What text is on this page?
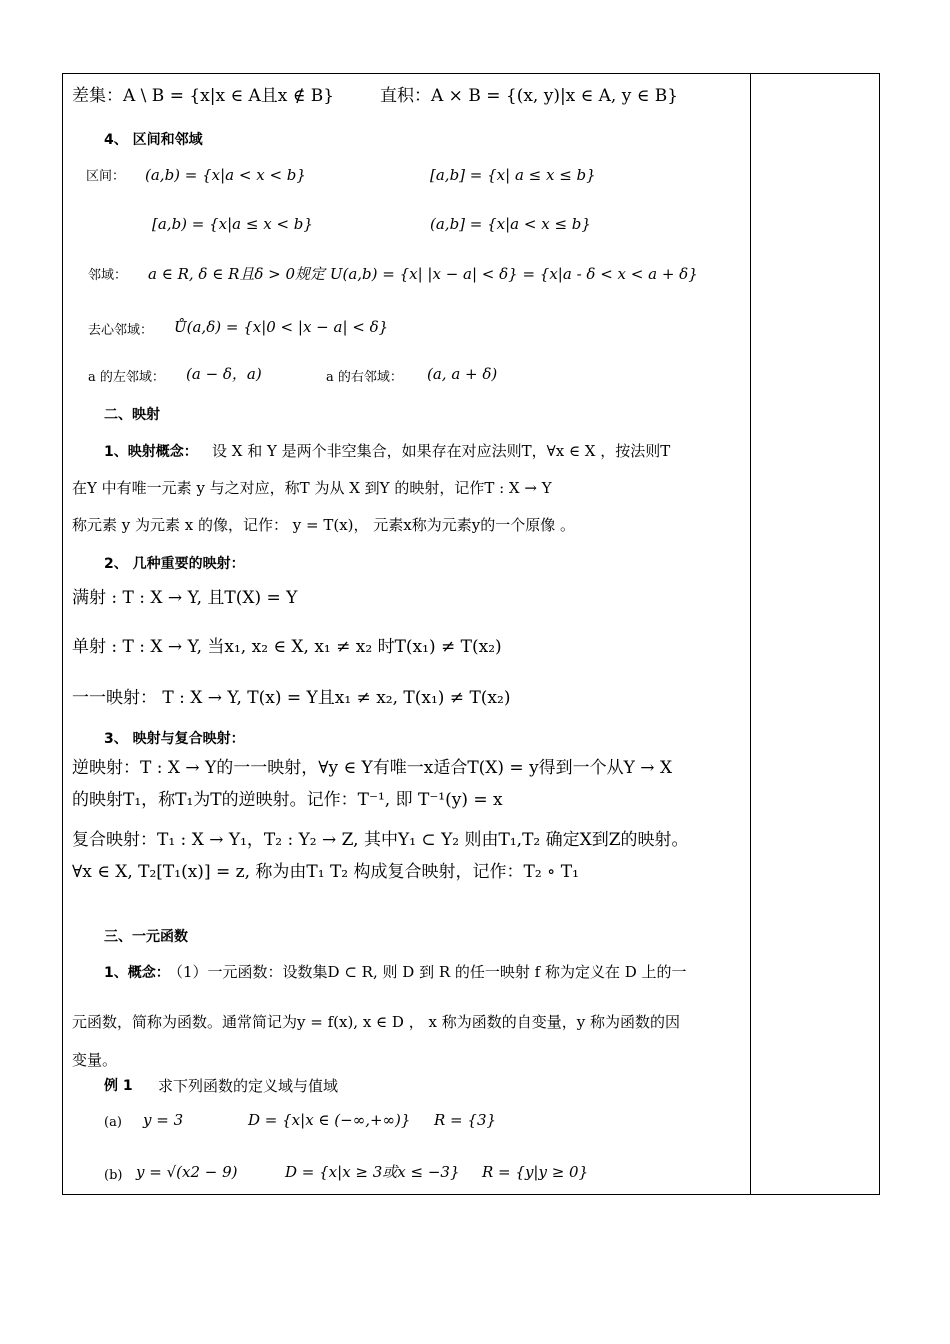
差集：A \ B = {x|x ∈ A且x ∉ B}	直积：A × B = {(x, y)|x ∈ A, y ∈ B}
4、 区间和邻域
区间： (a,b) = {x|a < x < b}	[a,b] = {x| a ≤ x ≤ b}
[a,b) = {x|a ≤ x < b}	(a,b] = {x|a < x ≤ b}
邻域： a ∈ R, δ ∈ R且δ > 0规定 U(a,b) = {x| |x − a| < δ} = {x|a - δ < x < a + δ}
去心邻域： Ů(a,δ) = {x|0 < |x − a| < δ}
a 的左邻域： (a − δ，a)	a 的右邻域： (a, a + δ)
二、映射
1、映射概念： 设 X 和 Y 是两个非空集合，如果存在对应法则T，∀x ∈ X ，按法则T
在Y 中有唯一元素 y 与之对应，称T 为从 X 到Y 的映射，记作T : X → Y
称元素 y 为元素 x 的像，记作： y = T(x)， 元素x称为元素y的一个原像 。
2、 几种重要的映射：
满射 : T : X → Y, 且T(X) = Y
单射 : T : X → Y, 当x₁, x₂ ∈ X, x₁ ≠ x₂ 时T(x₁) ≠ T(x₂)
一一映射： T : X → Y, T(x) = Y且x₁ ≠ x₂, T(x₁) ≠ T(x₂)
3、 映射与复合映射：
逆映射：T : X → Y的一一映射，∀y ∈ Y有唯一x适合T(X) = y得到一个从Y → X
的映射T₁，称T₁为T的逆映射。记作：T⁻¹, 即 T⁻¹(y) = x
复合映射：T₁ : X → Y₁，T₂ : Y₂ → Z, 其中Y₁ ⊂ Y₂ 则由T₁,T₂ 确定X到Z的映射。
∀x ∈ X, T₂[T₁(x)] = z, 称为由T₁ T₂ 构成复合映射，记作：T₂ ∘ T₁
三、一元函数
1、概念：
（1）一元函数：设数集D ⊂ R, 则 D 到 R 的任一映射 f 称为定义在 D 上的一
元函数，简称为函数。通常简记为y = f(x), x ∈ D ， x 称为函数的自变量，y 称为函数的因
变量。
例 1 求下列函数的定义域与值域
(a) y = 3	D = {x|x ∈ (−∞,+∞)} R = {3}
(b) y = √(x2 − 9)	D = {x|x ≥ 3或x ≤ −3} R = {y|y ≥ 0}
